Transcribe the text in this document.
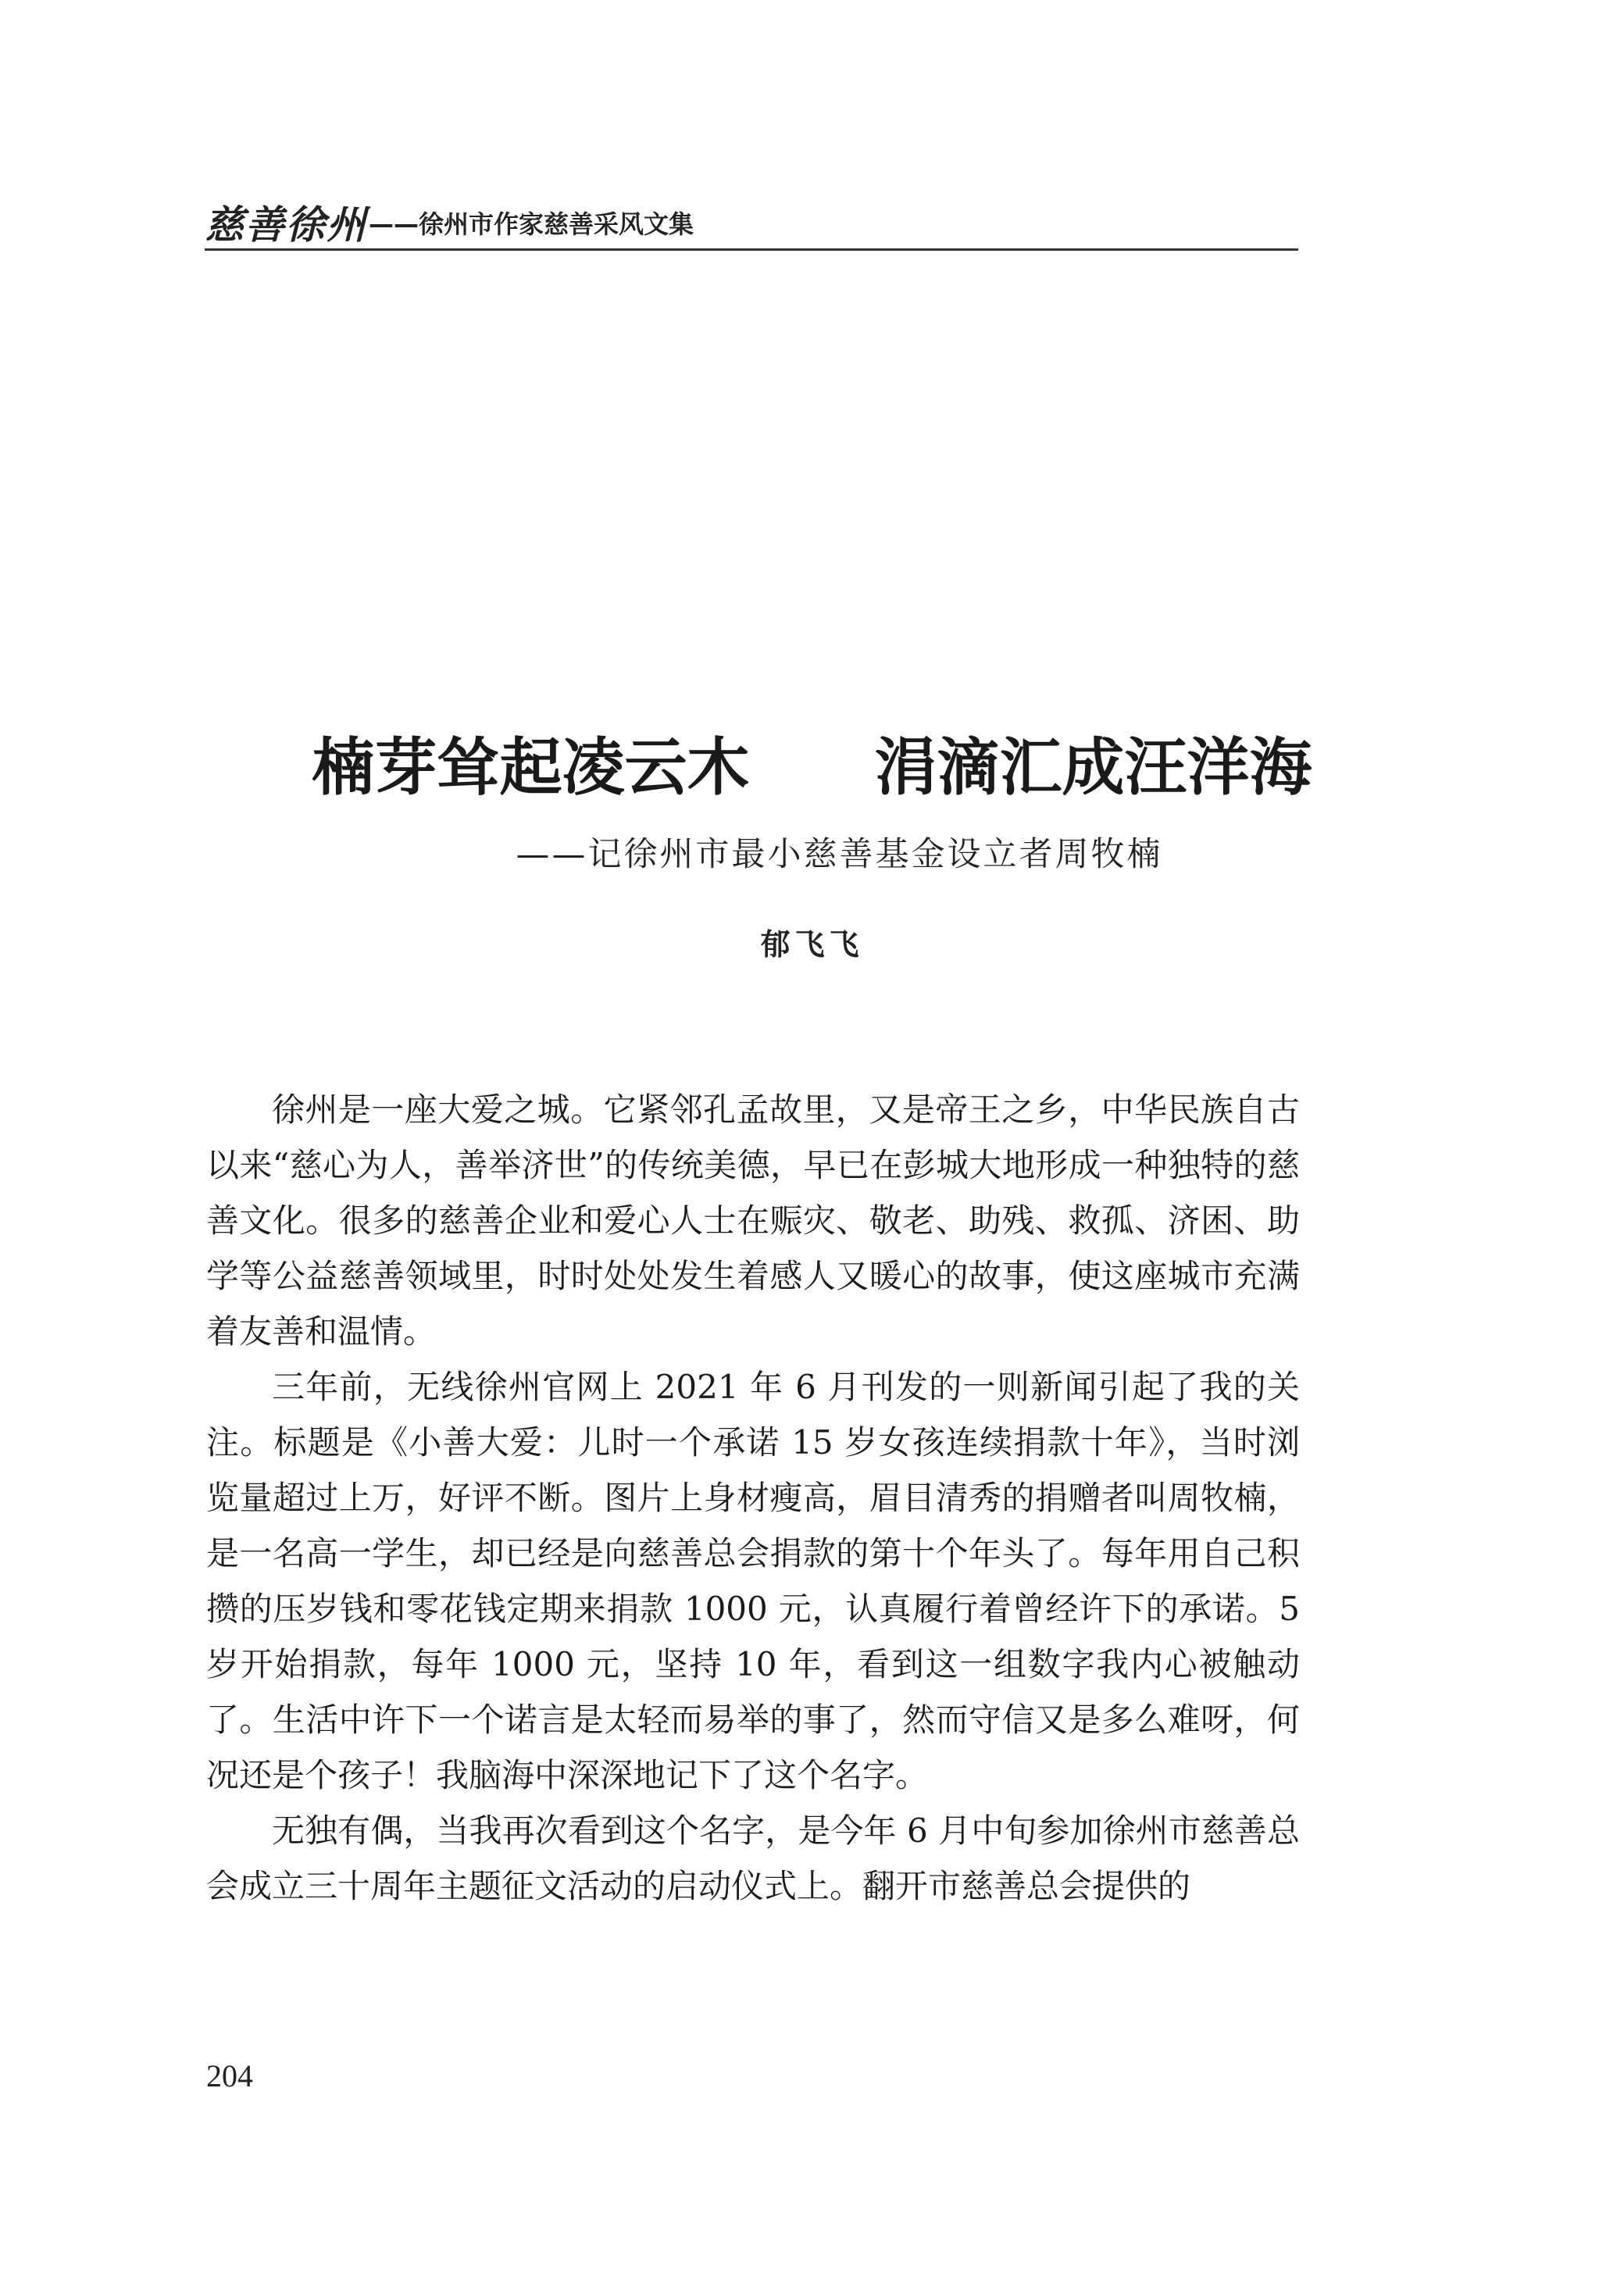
慈善徐州 ——徐州市作家慈善采风文集
楠芽耸起凌云木　　涓滴汇成汪洋海
——记徐州市最小慈善基金设立者周牧楠
郁飞飞

徐州是一座大爱之城。它紧邻孔孟故里，又是帝王之乡，中华民族自古以来“慈心为人，善举济世”的传统美德，早已在彭城大地形成一种独特的慈善文化。很多的慈善企业和爱心人士在赈灾、敬老、助残、救孤、济困、助学等公益慈善领域里，时时处处发生着感人又暖心的故事，使这座城市充满着友善和温情。

三年前，无线徐州官网上 2021 年 6 月刊发的一则新闻引起了我的关注。标题是《小善大爱：儿时一个承诺 15 岁女孩连续捐款十年》，当时浏览量超过上万，好评不断。图片上身材瘦高，眉目清秀的捐赠者叫周牧楠，是一名高一学生，却已经是向慈善总会捐款的第十个年头了。每年用自己积攒的压岁钱和零花钱定期来捐款 1000 元，认真履行着曾经许下的承诺。5 岁开始捐款，每年 1000 元，坚持 10 年，看到这一组数字我内心被触动了。生活中许下一个诺言是太轻而易举的事了，然而守信又是多么难呀，何况还是个孩子！我脑海中深深地记下了这个名字。

无独有偶，当我再次看到这个名字，是今年 6 月中旬参加徐州市慈善总会成立三十周年主题征文活动的启动仪式上。翻开市慈善总会提供的

204
